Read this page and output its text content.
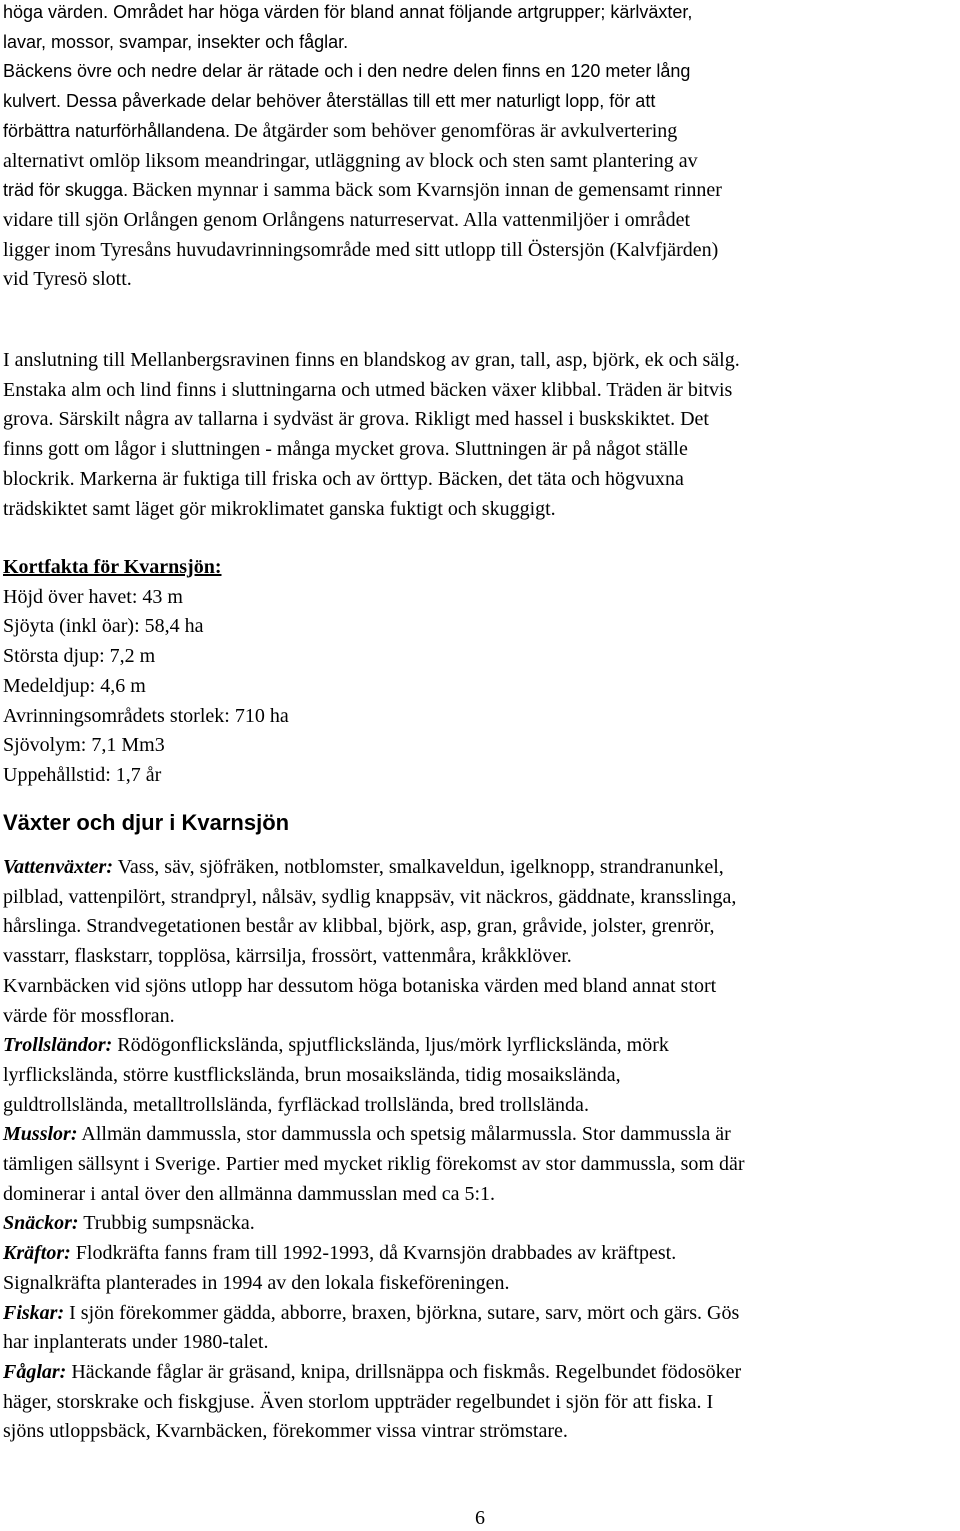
höga värden. Området har höga värden för bland annat följande artgrupper; kärlväxter,
lavar, mossor, svampar, insekter och fåglar.
Bäckens övre och nedre delar är rätade och i den nedre delen finns en 120 meter lång
kulvert. Dessa påverkade delar behöver återställas till ett mer naturligt lopp, för att
förbättra naturförhållandena. De åtgärder som behöver genomföras är avkulvertering
alternativt omlöp liksom meandringar, utläggning av block och sten samt plantering av
träd för skugga. Bäcken mynnar i samma bäck som Kvarnsjön innan de gemensamt rinner
vidare till sjön Orlången genom Orlångens naturreservat. Alla vattenmiljöer i området
ligger inom Tyresåns huvudavrinningsområde med sitt utlopp till Östersjön (Kalvfjärden)
vid Tyresö slott.
I anslutning till Mellanbergsravinen finns en blandskog av gran, tall, asp, björk, ek och sälg.
Enstaka alm och lind finns i sluttningarna och utmed bäcken växer klibbal. Träden är bitvis
grova. Särskilt några av tallarna i sydväst är grova. Rikligt med hassel i buskskiktet. Det
finns gott om lågor i sluttningen - många mycket grova. Sluttningen är på något ställe
blockrik. Markerna är fuktiga till friska och av örttyp. Bäcken, det täta och högvuxna
trädskiktet samt läget gör mikroklimatet ganska fuktigt och skuggigt.
Kortfakta för Kvarnsjön:
Höjd över havet: 43 m
Sjöyta (inkl öar): 58,4 ha
Största djup: 7,2 m
Medeldjup: 4,6 m
Avrinningsområdets storlek: 710 ha
Sjövolym: 7,1 Mm3
Uppehållstid: 1,7 år
Växter och djur i Kvarnsjön
Vattenväxter: Vass, säv, sjöfräken, notblomster, smalkaveldun, igelknopp, strandranunkel,
pilblad, vattenpilört, strandpryl, nålsäv, sydlig knappsäv, vit näckros, gäddnate, kransslinga,
hårslinga. Strandvegetationen består av klibbal, björk, asp, gran, gråvide, jolster, grenrör,
vasstarr, flaskstarr, topplösa, kärrsilja, frossört, vattenmåra, kråkklöver.
Kvarnbäcken vid sjöns utlopp har dessutom höga botaniska värden med bland annat stort
värde för mossfloran.
Trollsländor: Rödögonflickslända, spjutflickslända, ljus/mörk lyrflickslända, mörk
lyrflickslända, större kustflickslända, brun mosaikslända, tidig mosaikslända,
guldtrollslända, metalltrollslända, fyrfläckad trollslända, bred trollslända.
Musslor: Allmän dammussla, stor dammussla och spetsig målarmussla. Stor dammussla är
tämligen sällsynt i Sverige. Partier med mycket riklig förekomst av stor dammussla, som där
dominerar i antal över den allmänna dammusslan med ca 5:1.
Snäckor: Trubbig sumpsnäcka.
Kräftor: Flodkräfta fanns fram till 1992-1993, då Kvarnsjön drabbades av kräftpest.
Signalkräfta planterades in 1994 av den lokala fiskeföreningen.
Fiskar: I sjön förekommer gädda, abborre, braxen, björkna, sutare, sarv, mört och gärs. Gös
har inplanterats under 1980-talet.
Fåglar: Häckande fåglar är gräsand, knipa, drillsnäppa och fiskmås. Regelbundet födosöker
häger, storskrake och fiskgjuse. Även storlom uppträder regelbundet i sjön för att fiska. I
sjöns utloppsbäck, Kvarnbäcken, förekommer vissa vintrar strömstare.
6
